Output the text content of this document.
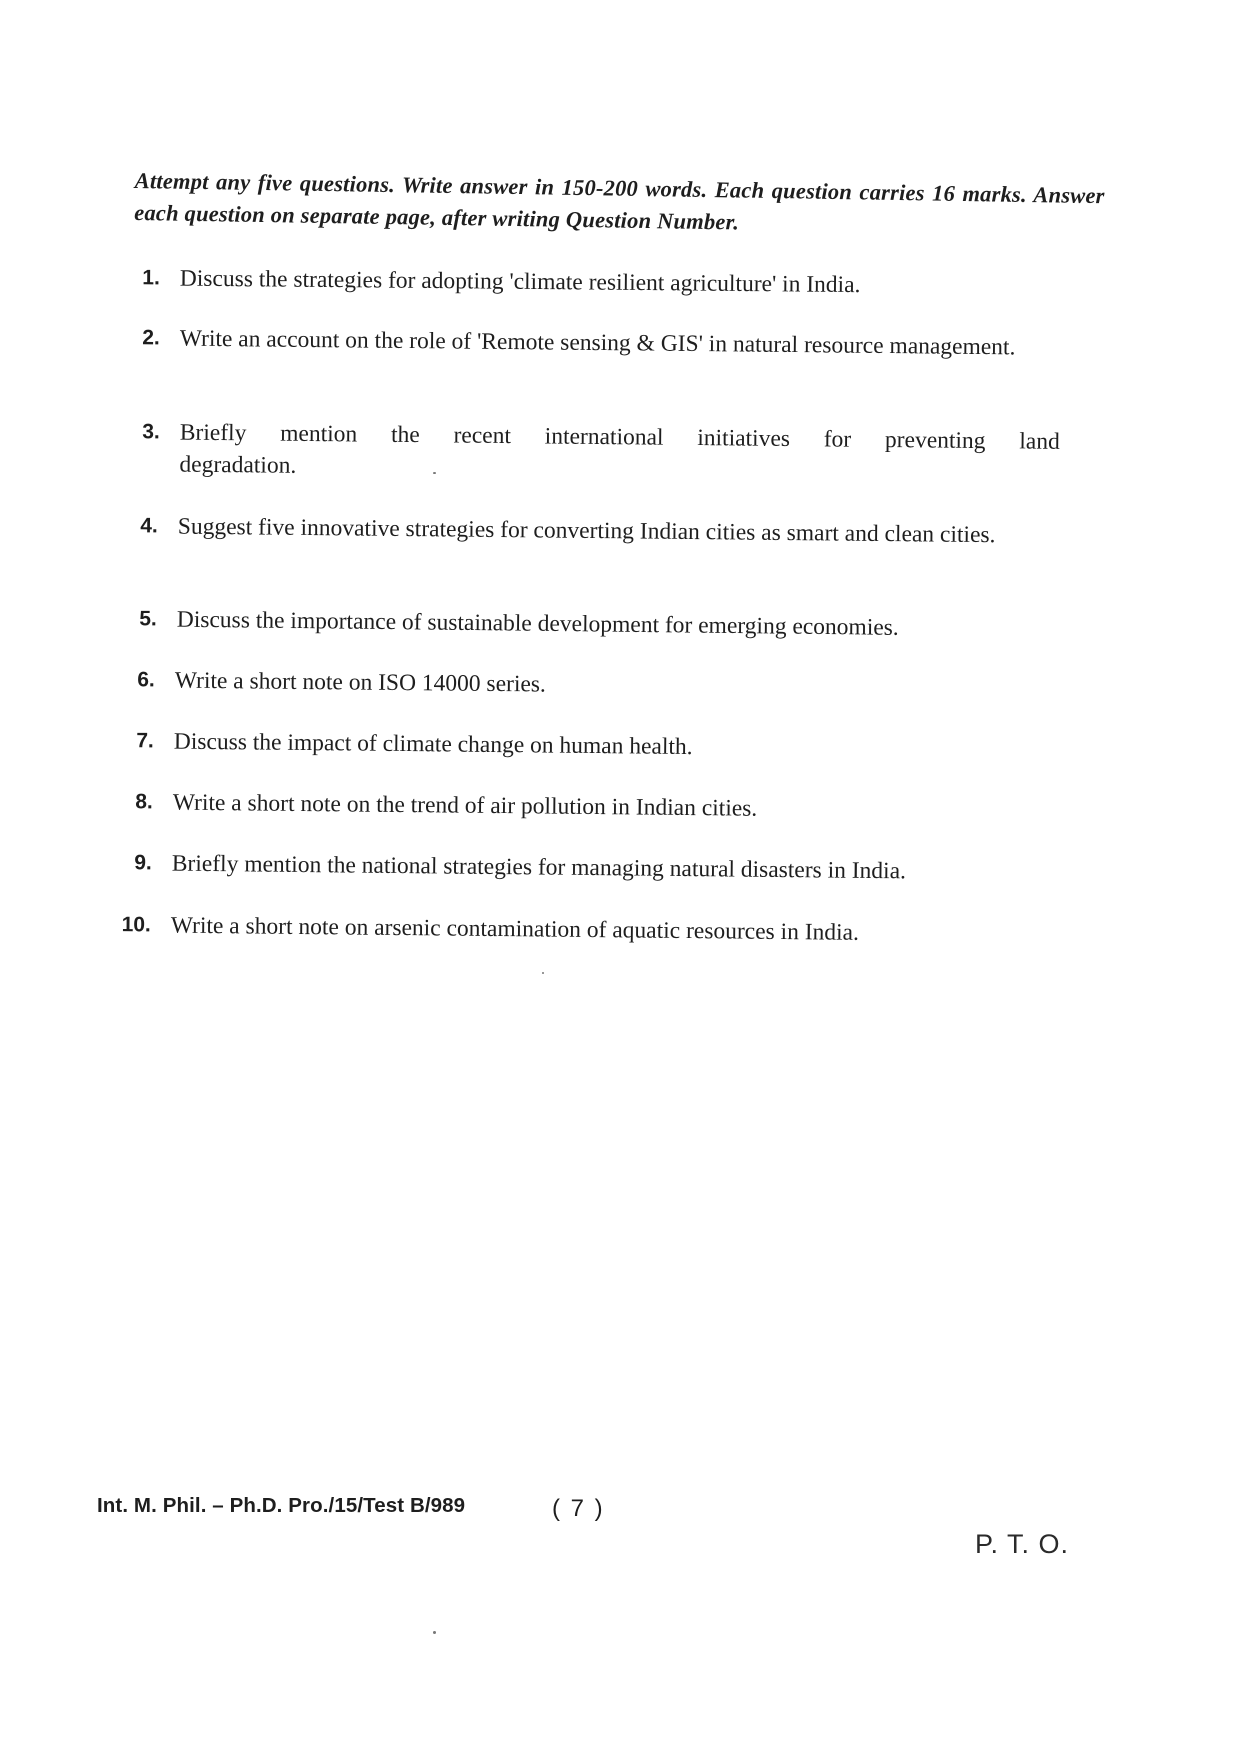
Attempt any five questions. Write answer in 150-200 words. Each question carries 16 marks. Answer each question on separate page, after writing Question Number.
1. Discuss the strategies for adopting 'climate resilient agriculture' in India.
2. Write an account on the role of 'Remote sensing & GIS' in natural resource management.
3. Briefly mention the recent international initiatives for preventing land degradation.
4. Suggest five innovative strategies for converting Indian cities as smart and clean cities.
5. Discuss the importance of sustainable development for emerging economies.
6. Write a short note on ISO 14000 series.
7. Discuss the impact of climate change on human health.
8. Write a short note on the trend of air pollution in Indian cities.
9. Briefly mention the national strategies for managing natural disasters in India.
10. Write a short note on arsenic contamination of aquatic resources in India.
Int. M. Phil. – Ph.D. Pro./15/Test B/989	( 7 )
P. T. O.
